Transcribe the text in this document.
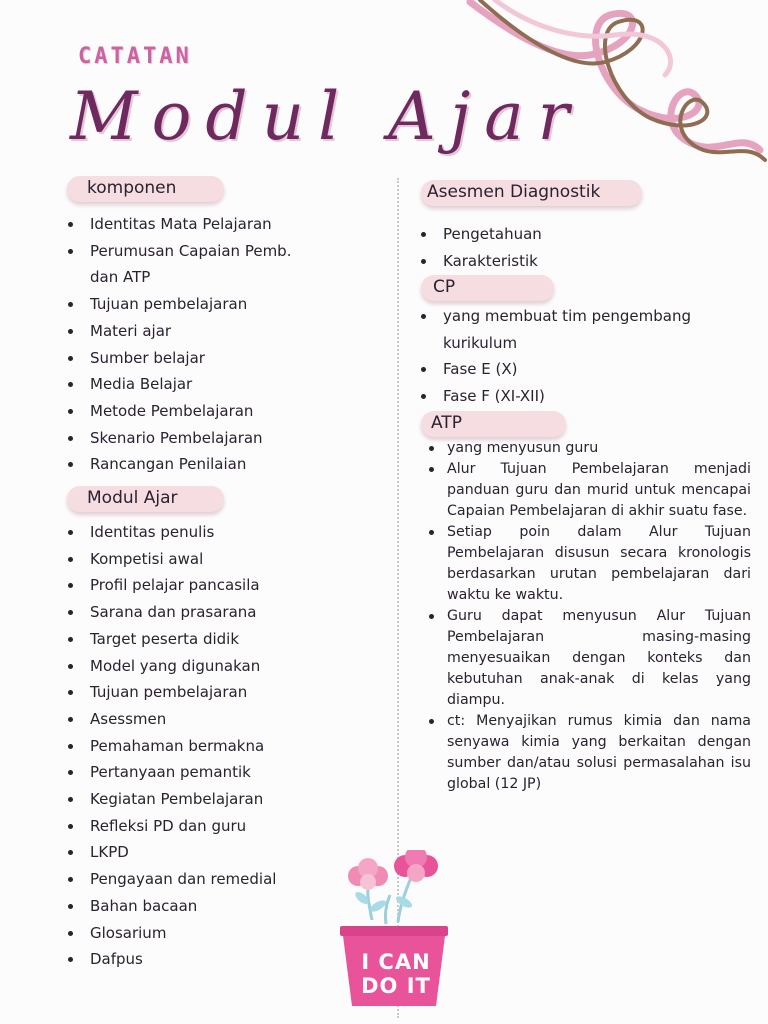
CATATAN
Modul Ajar
komponen
Identitas Mata Pelajaran
Perumusan Capaian Pemb.
dan ATP
Tujuan pembelajaran
Materi ajar
Sumber belajar
Media Belajar
Metode Pembelajaran
Skenario Pembelajaran
Rancangan Penilaian
Modul Ajar
Identitas penulis
Kompetisi awal
Profil pelajar pancasila
Sarana dan prasarana
Target peserta didik
Model yang digunakan
Tujuan pembelajaran
Asessmen
Pemahaman bermakna
Pertanyaan pemantik
Kegiatan Pembelajaran
Refleksi PD dan guru
LKPD
Pengayaan dan remedial
Bahan bacaan
Glosarium
Dafpus
Asesmen Diagnostik
Pengetahuan
Karakteristik
CP
yang membuat tim pengembang
kurikulum
Fase E (X)
Fase F (XI-XII)
ATP
yang menyusun guru
Alur Tujuan Pembelajaran menjadi panduan guru dan murid untuk mencapai Capaian Pembelajaran di akhir suatu fase.
Setiap poin dalam Alur Tujuan Pembelajaran disusun secara kronologis berdasarkan urutan pembelajaran dari waktu ke waktu.
Guru dapat menyusun Alur Tujuan Pembelajaran masing-masing menyesuaikan dengan konteks dan kebutuhan anak-anak di kelas yang diampu.
ct: Menyajikan rumus kimia dan nama senyawa kimia yang berkaitan dengan sumber dan/atau solusi permasalahan isu global (12 JP)
I CAN
DO IT
